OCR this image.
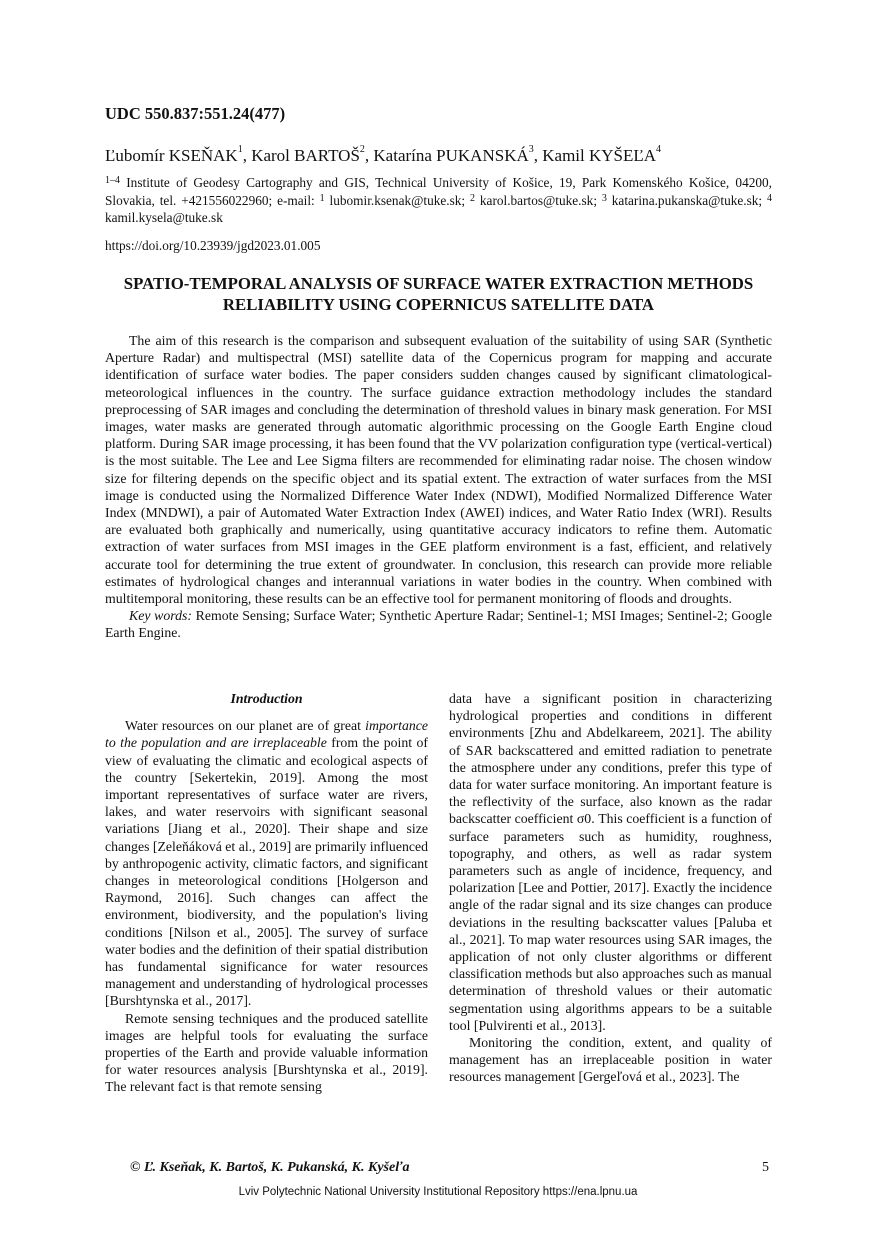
UDC 550.837:551.24(477)
Ľubomír KSEŇAK$^1$, Karol BARTOŠ$^2$, Katarína PUKANSKÁ$^3$, Kamil KYŠEĽA$^4$
$^{1-4}$ Institute of Geodesy Cartography and GIS, Technical University of Košice, 19, Park Komenského Košice, 04200, Slovakia, tel. +421556022960; e-mail: $^1$ lubomir.ksenak@tuke.sk; $^2$ karol.bartos@tuke.sk; $^3$ katarina.pukanska@tuke.sk; $^4$ kamil.kysela@tuke.sk
https://doi.org/10.23939/jgd2023.01.005
SPATIO-TEMPORAL ANALYSIS OF SURFACE WATER EXTRACTION METHODS RELIABILITY USING COPERNICUS SATELLITE DATA

The aim of this research is the comparison and subsequent evaluation of the suitability of using SAR (Synthetic Aperture Radar) and multispectral (MSI) satellite data of the Copernicus program for mapping and accurate identification of surface water bodies. The paper considers sudden changes caused by significant climatological-meteorological influences in the country. The surface guidance extraction methodology includes the standard preprocessing of SAR images and concluding the determination of threshold values in binary mask generation. For MSI images, water masks are generated through automatic algorithmic processing on the Google Earth Engine cloud platform. During SAR image processing, it has been found that the VV polarization configuration type (vertical-vertical) is the most suitable. The Lee and Lee Sigma filters are recommended for eliminating radar noise. The chosen window size for filtering depends on the specific object and its spatial extent. The extraction of water surfaces from the MSI image is conducted using the Normalized Difference Water Index (NDWI), Modified Normalized Difference Water Index (MNDWI), a pair of Automated Water Extraction Index (AWEI) indices, and Water Ratio Index (WRI). Results are evaluated both graphically and numerically, using quantitative accuracy indicators to refine them. Automatic extraction of water surfaces from MSI images in the GEE platform environment is a fast, efficient, and relatively accurate tool for determining the true extent of groundwater. In conclusion, this research can provide more reliable estimates of hydrological changes and interannual variations in water bodies in the country. When combined with multitemporal monitoring, these results can be an effective tool for permanent monitoring of floods and droughts.

Key words: Remote Sensing; Surface Water; Synthetic Aperture Radar; Sentinel-1; MSI Images; Sentinel-2; Google Earth Engine.

Introduction

Water resources on our planet are of great importance to the population and are irreplaceable from the point of view of evaluating the climatic and ecological aspects of the country [Sekertekin, 2019]. Among the most important representatives of surface water are rivers, lakes, and water reservoirs with significant seasonal variations [Jiang et al., 2020]. Their shape and size changes [Zeleňáková et al., 2019] are primarily influenced by anthropogenic activity, climatic factors, and significant changes in meteorological conditions [Holgerson and Raymond, 2016]. Such changes can affect the environment, biodiversity, and the population's living conditions [Nilson et al., 2005]. The survey of surface water bodies and the definition of their spatial distribution has fundamental significance for water resources management and understanding of hydrological processes [Burshtynska et al., 2017].

Remote sensing techniques and the produced satellite images are helpful tools for evaluating the surface properties of the Earth and provide valuable information for water resources analysis [Burshtynska et al., 2019]. The relevant fact is that remote sensing

data have a significant position in characterizing hydrological properties and conditions in different environments [Zhu and Abdelkareem, 2021]. The ability of SAR backscattered and emitted radiation to penetrate the atmosphere under any conditions, prefer this type of data for water surface monitoring. An important feature is the reflectivity of the surface, also known as the radar backscatter coefficient σ0. This coefficient is a function of surface parameters such as humidity, roughness, topography, and others, as well as radar system parameters such as angle of incidence, frequency, and polarization [Lee and Pottier, 2017]. Exactly the incidence angle of the radar signal and its size changes can produce deviations in the resulting backscatter values [Paluba et al., 2021]. To map water resources using SAR images, the application of not only cluster algorithms or different classification methods but also approaches such as manual determination of threshold values or their automatic segmentation using algorithms appears to be a suitable tool [Pulvirenti et al., 2013].

Monitoring the condition, extent, and quality of management has an irreplaceable position in water resources management [Gergeľová et al., 2023]. The

© Ľ. Kseňak, K. Bartoš, K. Pukanská, K. Kyšeľa	5
Lviv Polytechnic National University Institutional Repository https://ena.lpnu.ua
